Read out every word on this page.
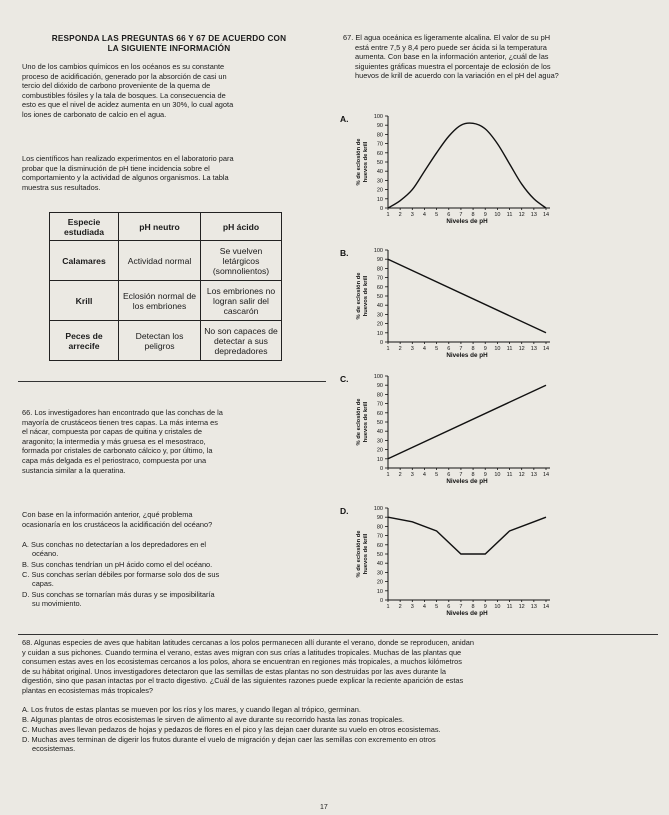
RESPONDA LAS PREGUNTAS 66 Y 67 DE ACUERDO CON
LA SIGUIENTE INFORMACIÓN
Uno de los cambios químicos en los océanos es su constante
proceso de acidificación, generado por la absorción de casi un
tercio del dióxido de carbono proveniente de la quema de
combustibles fósiles y la tala de bosques. La consecuencia de
esto es que el nivel de acidez aumenta en un 30%, lo cual agota
los iones de carbonato de calcio en el agua.
Los científicos han realizado experimentos en el laboratorio para
probar que la disminución de pH tiene incidencia sobre el
comportamiento y la actividad de algunos organismos. La tabla
muestra sus resultados.
Especie estudiada	pH neutro	pH ácido
Calamares	Actividad normal	Se vuelven letárgicos (somnolientos)
Krill	Eclosión normal de los embriones	Los embriones no logran salir del cascarón
Peces de arrecife	Detectan los peligros	No son capaces de detectar a sus depredadores
66. Los investigadores han encontrado que las conchas de la
mayoría de crustáceos tienen tres capas. La más interna es
el nácar, compuesta por capas de quitina y cristales de
aragonito; la intermedia y más gruesa es el mesostraco,
formada por cristales de carbonato cálcico y, por último, la
capa más delgada es el periostraco, compuesta por una
sustancia similar a la queratina.
Con base en la información anterior, ¿qué problema
ocasionaría en los crustáceos la acidificación del océano?
A. Sus conchas no detectarían a los depredadores en el
océano.
B. Sus conchas tendrían un pH ácido como el del océano.
C. Sus conchas serían débiles por formarse solo dos de sus
capas.
D. Sus conchas se tornarían más duras y se imposibilitaría
su movimiento.
67. El agua oceánica es ligeramente alcalina. El valor de su pH
está entre 7,5 y 8,4 pero puede ser ácida si la temperatura
aumenta. Con base en la información anterior, ¿cuál de las
siguientes gráficas muestra el porcentaje de eclosión de los
huevos de krill de acuerdo con la variación en el pH del agua?
A.
% de eclosión de huevos de krill
0
10
20
30
40
50
60
70
80
90
100
1 2 3 4 5 6 7 8 9 10 11 12 13 14
Niveles de pH
B.
% de eclosión de huevos de krill
0
10
20
30
40
50
60
70
80
90
100
1 2 3 4 5 6 7 8 9 10 11 12 13 14
Niveles de pH
C.
% de eclosión de huevos de krill
0
10
20
30
40
50
60
70
80
90
100
1 2 3 4 5 6 7 8 9 10 11 12 13 14
Niveles de pH
D.
% de eclosión de huevos de krill
0
10
20
30
40
50
60
70
80
90
100
1 2 3 4 5 6 7 8 9 10 11 12 13 14
Niveles de pH
68. Algunas especies de aves que habitan latitudes cercanas a los polos permanecen allí durante el verano, donde se reproducen, anidan
y cuidan a sus pichones. Cuando termina el verano, estas aves migran con sus crías a latitudes tropicales. Muchas de las plantas que
consumen estas aves en los ecosistemas cercanos a los polos, ahora se encuentran en regiones más tropicales, a muchos kilómetros
de su hábitat original. Unos investigadores detectaron que las semillas de estas plantas no son destruidas por las aves durante la
digestión, sino que pasan intactas por el tracto digestivo. ¿Cuál de las siguientes razones puede explicar la reciente aparición de estas
plantas en ecosistemas más tropicales?
A. Los frutos de estas plantas se mueven por los ríos y los mares, y cuando llegan al trópico, germinan.
B. Algunas plantas de otros ecosistemas le sirven de alimento al ave durante su recorrido hasta las zonas tropicales.
C. Muchas aves llevan pedazos de hojas y pedazos de flores en el pico y las dejan caer durante su vuelo en otros ecosistemas.
D. Muchas aves terminan de digerir los frutos durante el vuelo de migración y dejan caer las semillas con excremento en otros
ecosistemas.
17
